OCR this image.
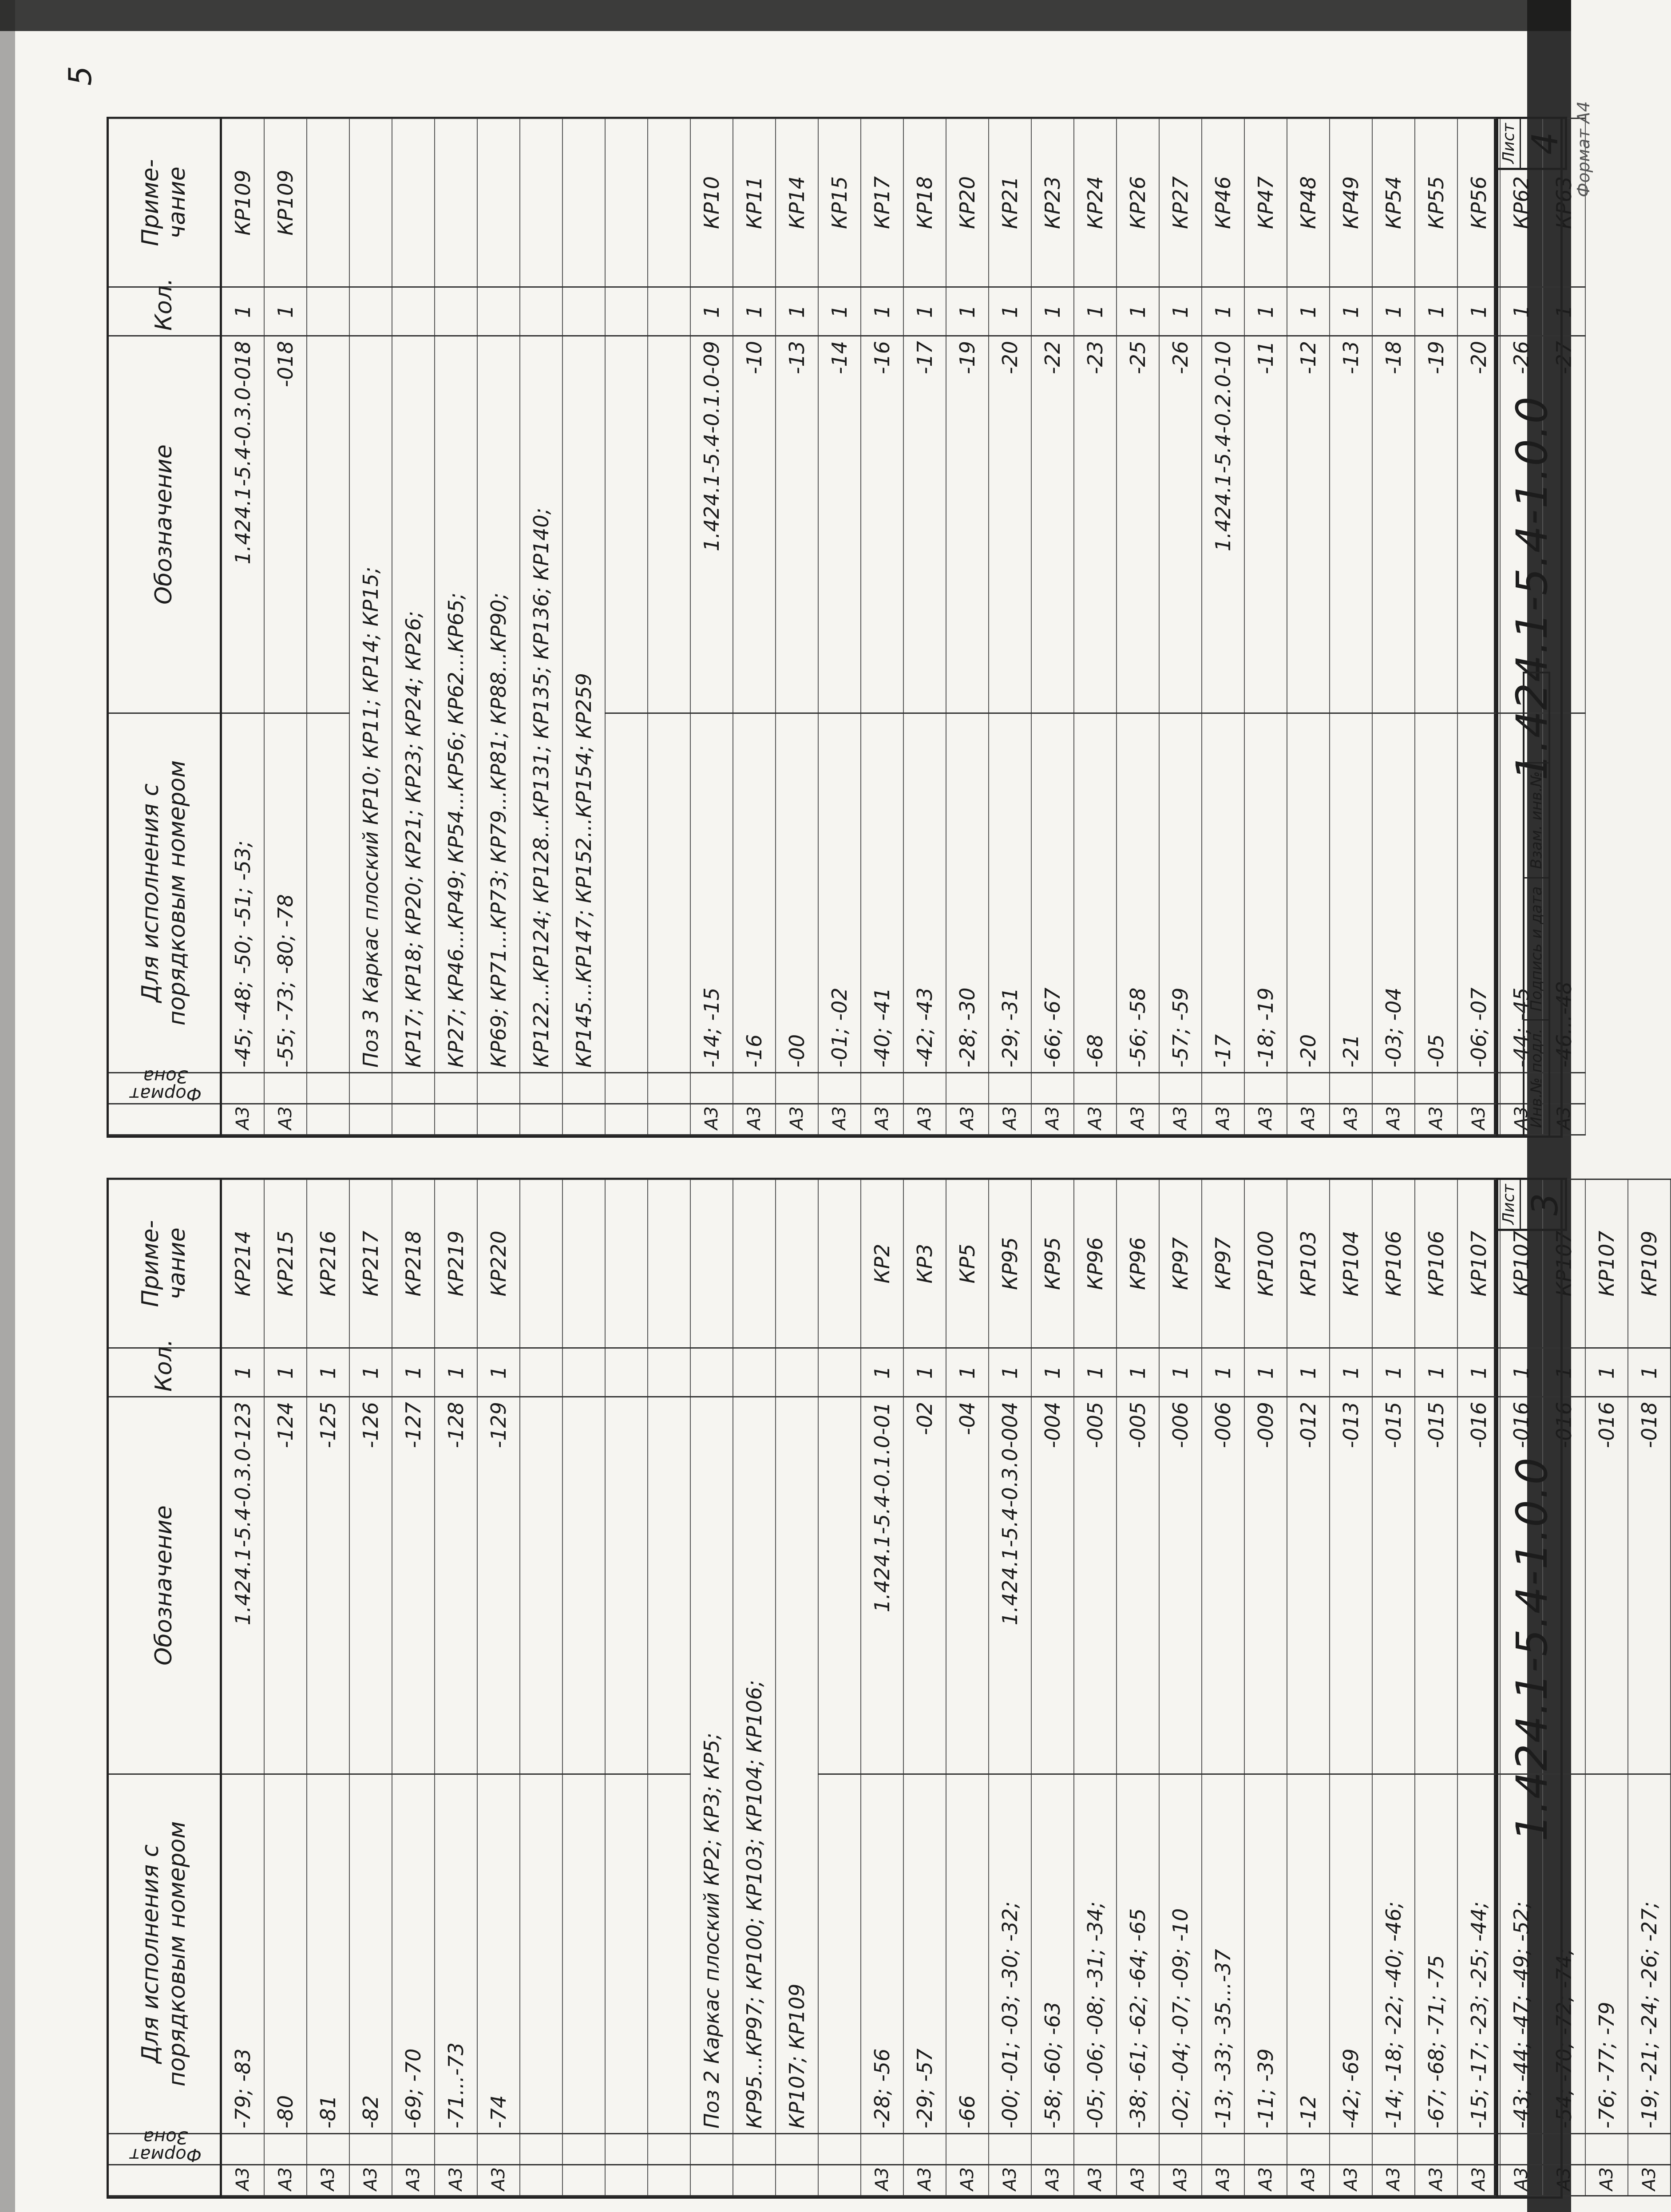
5
Формат	Зона	Для исполнения с порядковым номером	Обозначение	Кол.	Приме-чание
А3		-79; -83	1.424.1-5.4-0.3.0-123	1	КР214
А3		-80	-124	1	КР215
А3		-81	-125	1	КР216
А3		-82	-126	1	КР217
А3		-69; -70	-127	1	КР218
А3		-71...-73	-128	1	КР219
А3		-74	-129	1	КР220

		Поз 2 Каркас плоский КР2; КР3; КР5;			
		КР95...КР97; КР100; КР103; КР104; КР106;			
		КР107; КР109			

А3		-28; -56	1.424.1-5.4-0.1.0-01	1	КР2
А3		-29; -57	-02	1	КР3
А3		-66	-04	1	КР5
А3		-00; -01; -03; -30; -32;	1.424.1-5.4-0.3.0-004	1	КР95
А3		-58; -60; -63	-004	1	КР95
А3		-05; -06; -08; -31; -34;	-005	1	КР96
А3		-38; -61; -62; -64; -65	-005	1	КР96
А3		-02; -04; -07; -09; -10	-006	1	КР97
А3		-13; -33; -35...-37	-006	1	КР97
А3		-11; -39	-009	1	КР100
А3		-12	-012	1	КР103
А3		-42; -69	-013	1	КР104
А3		-14; -18; -22; -40; -46;	-015	1	КР106
А3		-67; -68; -71; -75	-015	1	КР106
А3		-15; -17; -23; -25; -44;	-016	1	КР107
А3		-43; -44; -47; -49; -52;	-016	1	КР107
А3		-54; -70; -72; -74;	-016	1	КР107
А3		-76; -77; -79	-016	1	КР107
А3		-19; -21; -24; -26; -27;	-018	1	КР109
1.424.1-5.4-1.0.0
Лист 3
Формат	Зона	Для исполнения с порядковым номером	Обозначение	Кол.	Приме-чание
А3		-45; -48; -50; -51; -53;	1.424.1-5.4-0.3.0-018	1	КР109
А3		-55; -73; -80; -78	-018	1	КР109

		Поз 3 Каркас плоский КР10; КР11; КР14; КР15;			
		КР17; КР18; КР20; КР21; КР23; КР24; КР26;			
		КР27; КР46...КР49; КР54...КР56; КР62...КР65;			
		КР69; КР71...КР73; КР79...КР81; КР88...КР90;			
		КР122...КР124; КР128...КР131; КР135; КР136; КР140;			
		КР145...КР147; КР152...КР154; КР259			

А3		-14; -15	1.424.1-5.4-0.1.0-09	1	КР10
А3		-16	-10	1	КР11
А3		-00	-13	1	КР14
А3		-01; -02	-14	1	КР15
А3		-40; -41	-16	1	КР17
А3		-42; -43	-17	1	КР18
А3		-28; -30	-19	1	КР20
А3		-29; -31	-20	1	КР21
А3		-66; -67	-22	1	КР23
А3		-68	-23	1	КР24
А3		-56; -58	-25	1	КР26
А3		-57; -59	-26	1	КР27
А3		-17	1.424.1-5.4-0.2.0-10	1	КР46
А3		-18; -19	-11	1	КР47
А3		-20	-12	1	КР48
А3		-21	-13	1	КР49
А3		-03; -04	-18	1	КР54
А3		-05	-19	1	КР55
А3		-06; -07	-20	1	КР56
А3		-44; -45	-26	1	КР62
А3		-46...-48	-27	1	КР63
1.424.1-5.4-1.0.0
Лист 4 Формат А4
Инв.№ подл.
Подпись и дата
Взам. инв.№
